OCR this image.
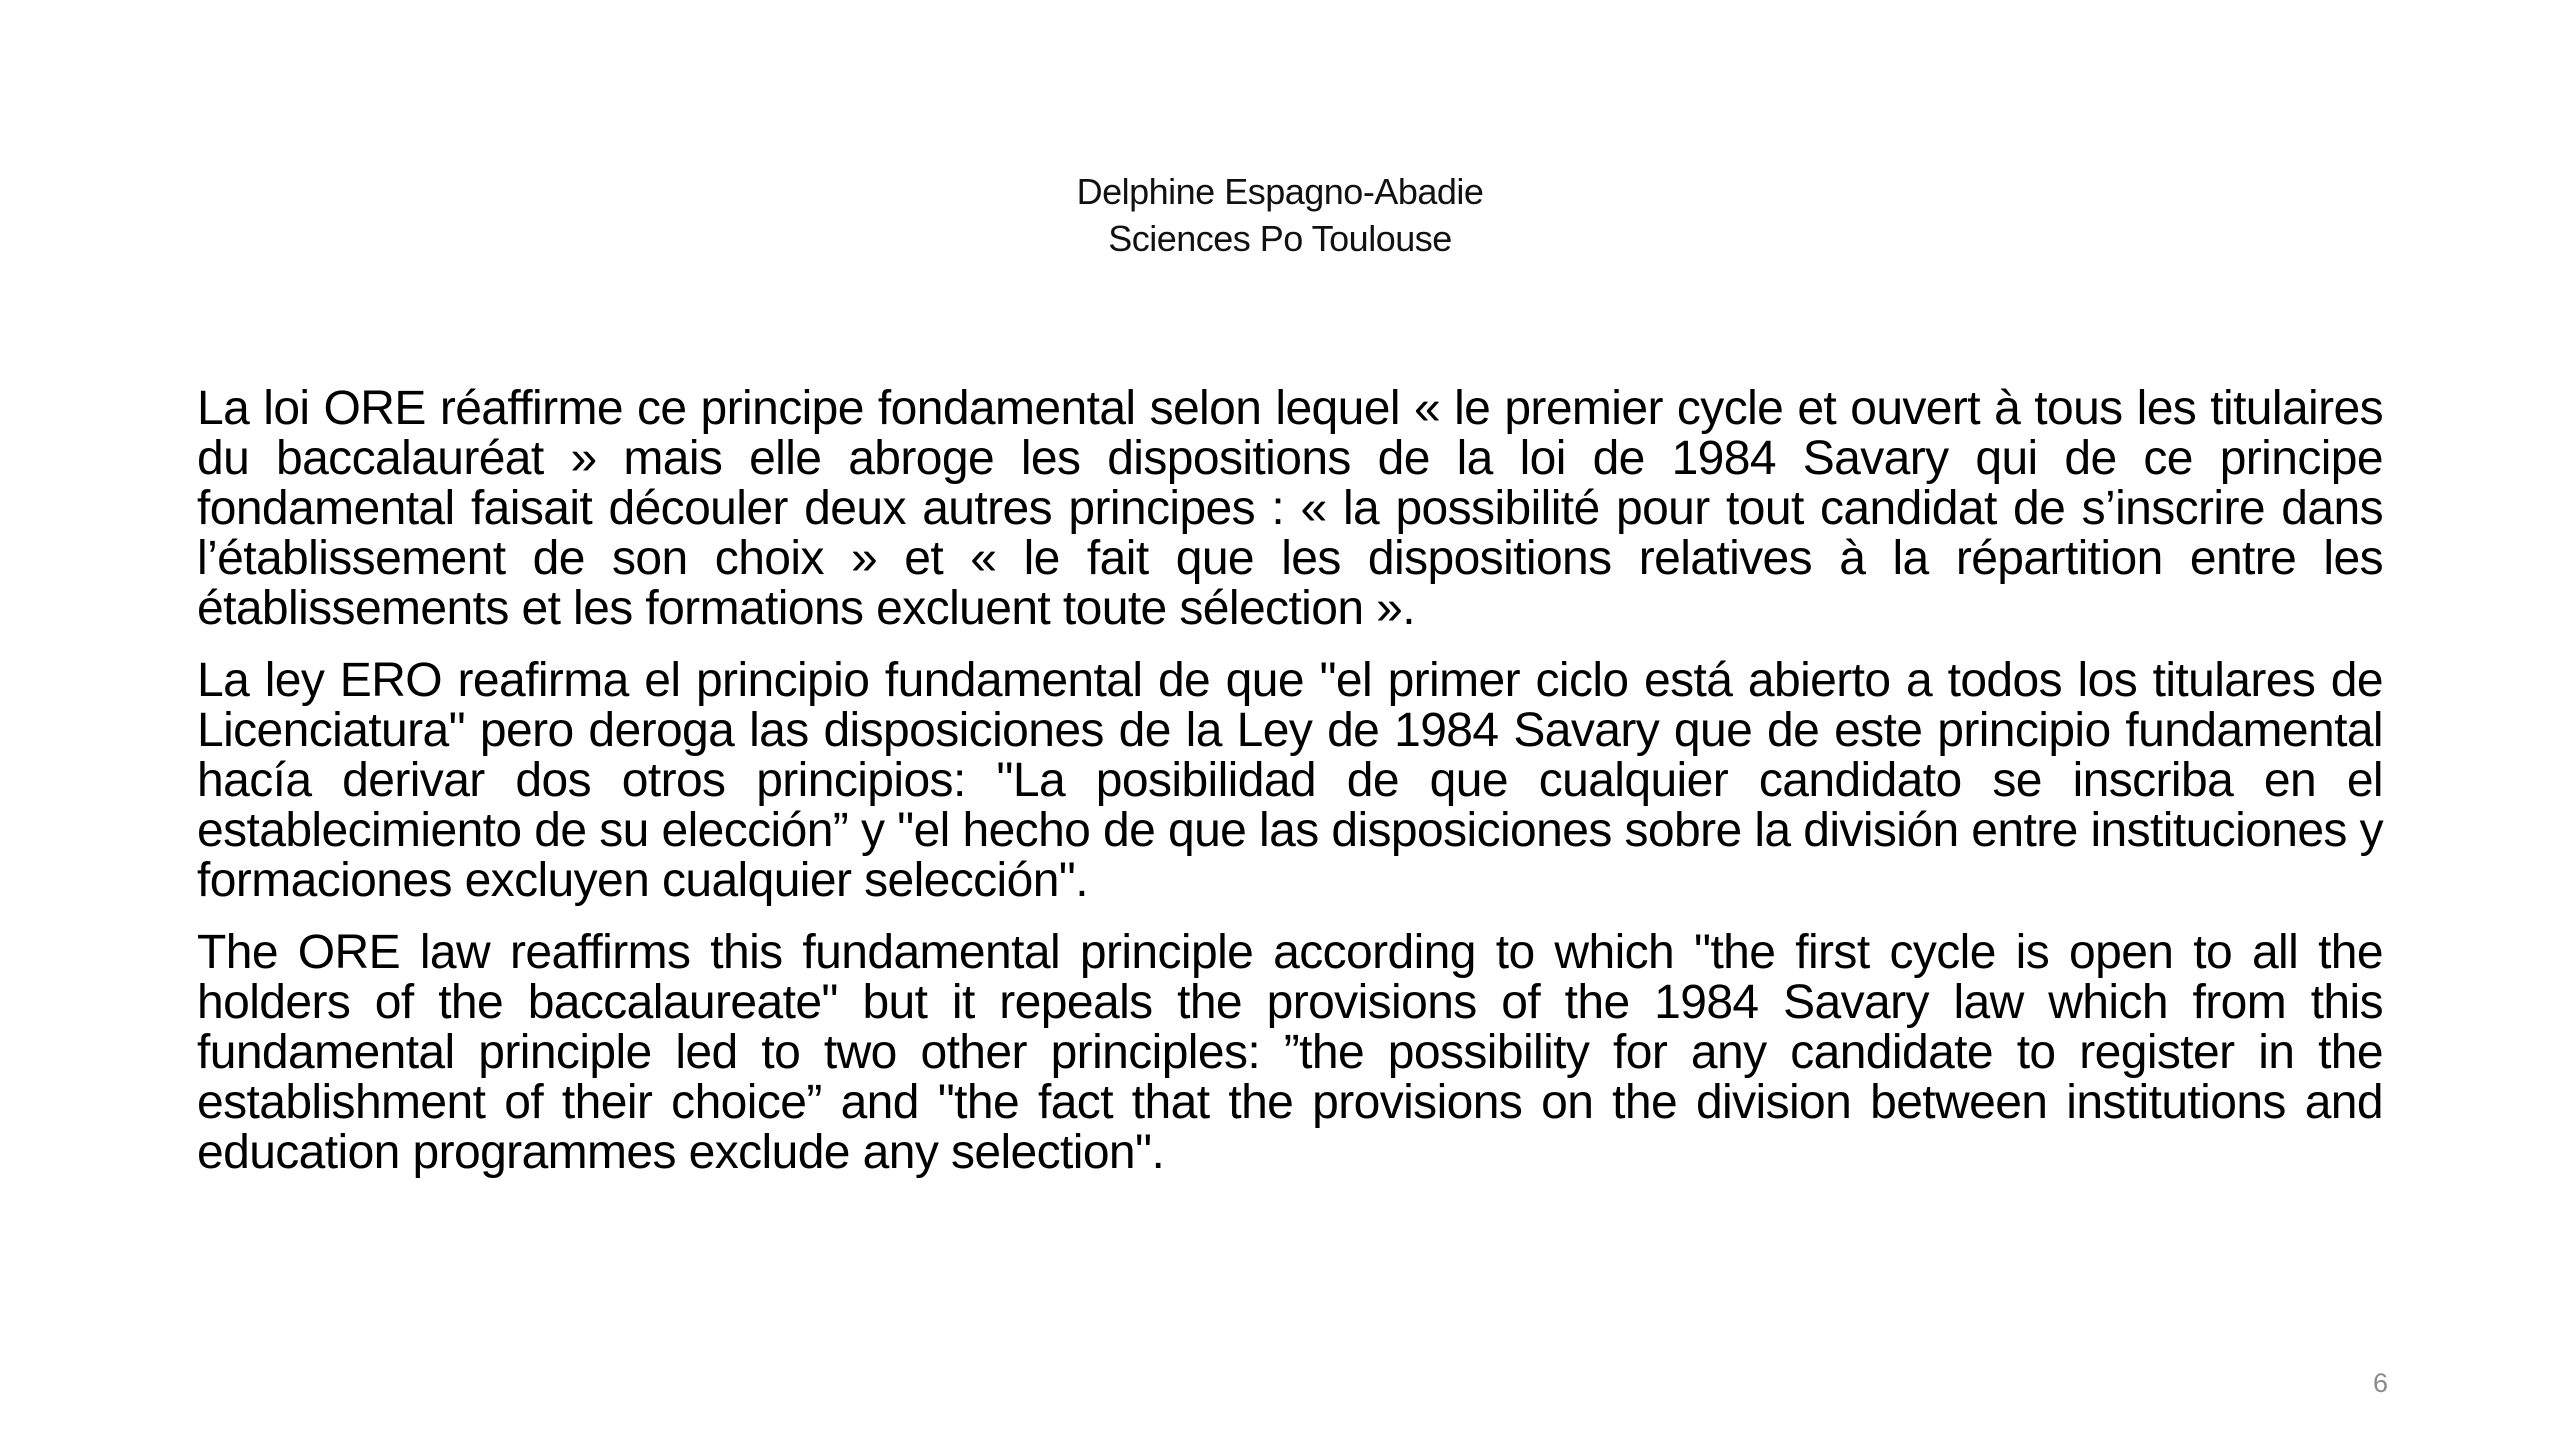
Delphine Espagno-Abadie
Sciences Po Toulouse

La loi ORE réaffirme ce principe fondamental selon lequel « le premier cycle et ouvert à tous les titulaires du baccalauréat » mais elle abroge les dispositions de la loi de 1984 Savary qui de ce principe fondamental faisait découler deux autres principes : « la possibilité pour tout candidat de s’inscrire dans l’établissement de son choix » et « le fait que les dispositions relatives à la répartition entre les établissements et les formations excluent toute sélection ».

La ley ERO reafirma el principio fundamental de que "el primer ciclo está abierto a todos los titulares de Licenciatura" pero deroga las disposiciones de la Ley de 1984 Savary que de este principio fundamental hacía derivar dos otros principios: "La posibilidad de que cualquier candidato se inscriba en el establecimiento de su elección” y "el hecho de que las disposiciones sobre la división entre instituciones y formaciones excluyen cualquier selección".

The ORE law reaffirms this fundamental principle according to which "the first cycle is open to all the holders of the baccalaureate" but it repeals the provisions of the 1984 Savary law which from this fundamental principle led to two other principles: ”the possibility for any candidate to register in the establishment of their choice” and "the fact that the provisions on the division between institutions and education programmes exclude any selection".

6
